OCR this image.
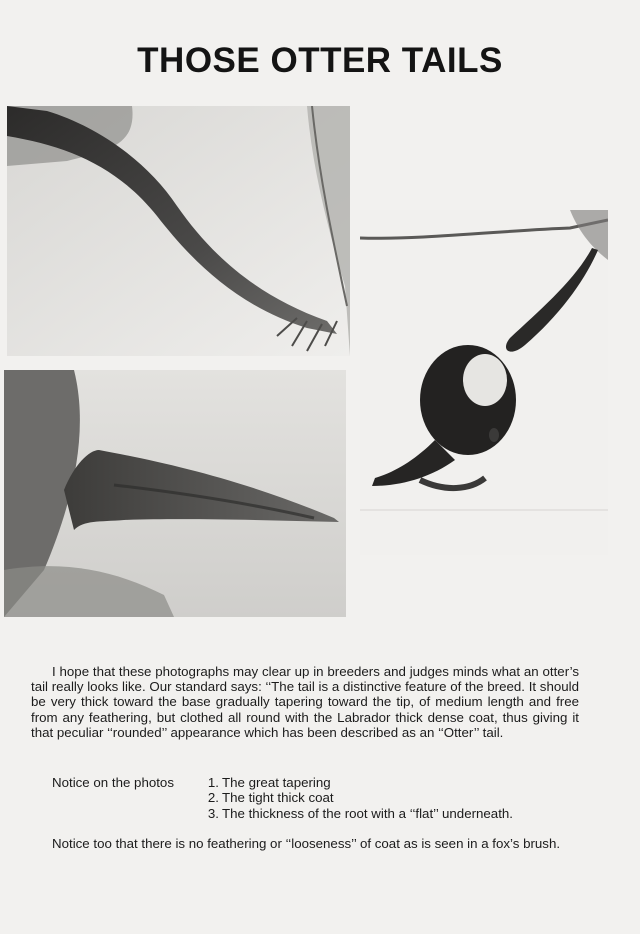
THOSE OTTER TAILS

I hope that these photographs may clear up in breeders and judges minds what an otter’s tail really looks like. Our standard says: ‘‘The tail is a distinctive feature of the breed. It should be very thick toward the base gradually tapering toward the tip, of medium length and free from any feathering, but clothed all round with the Labrador thick dense coat, thus giving it that peculiar ‘‘rounded’’ appearance which has been described as an ‘‘Otter’’ tail.

Notice on the photos	1. The great tapering
2. The tight thick coat
3. The thickness of the root with a ‘‘flat’’ underneath.

Notice too that there is no feathering or ‘‘looseness’’ of coat as is seen in a fox’s brush.
